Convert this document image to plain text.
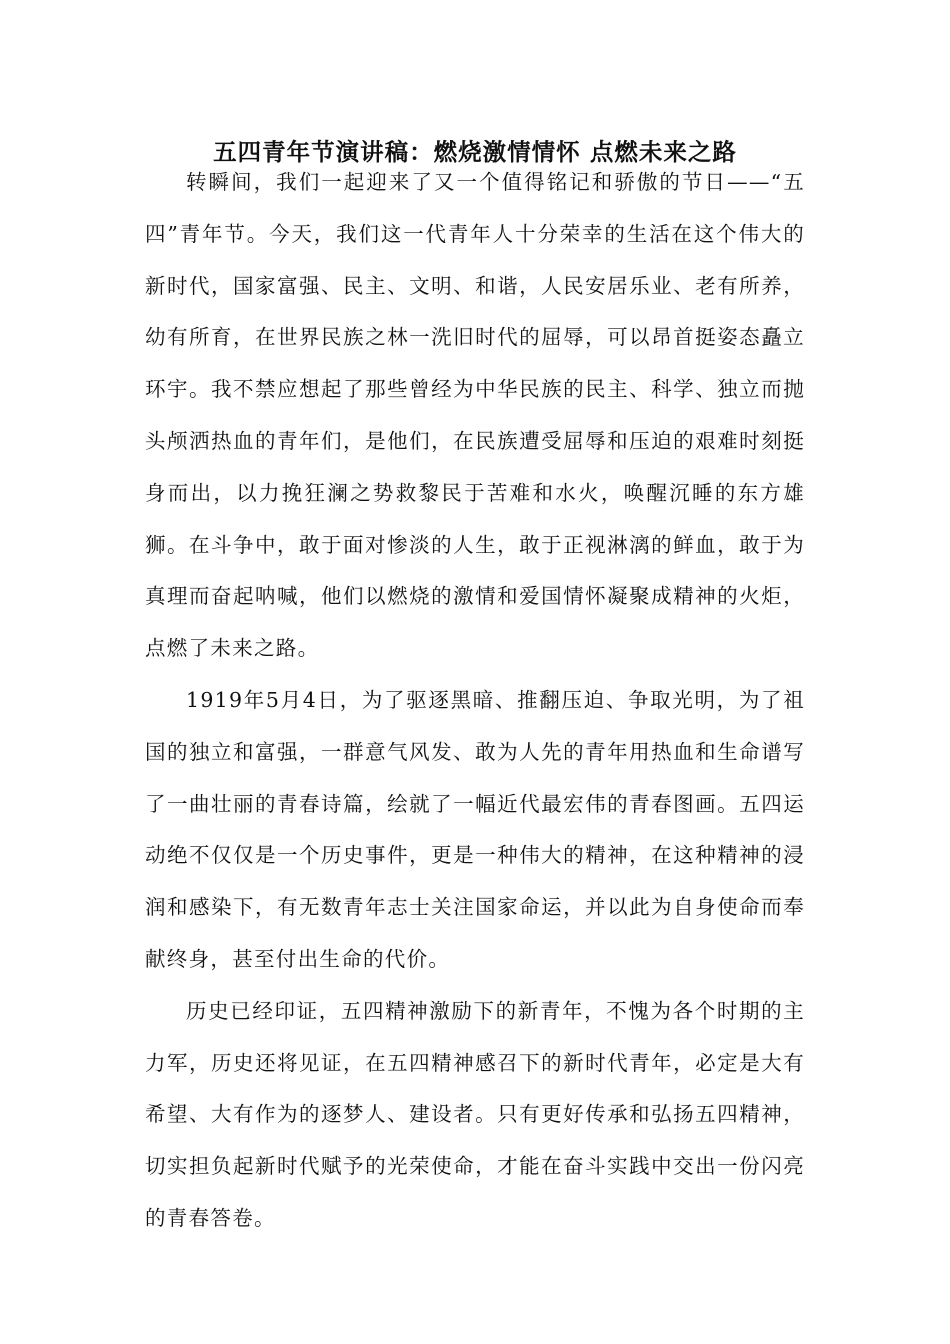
五四青年节演讲稿：燃烧激情情怀 点燃未来之路

转瞬间，我们一起迎来了又一个值得铭记和骄傲的节日——“五四”青年节。今天，我们这一代青年人十分荣幸的生活在这个伟大的新时代，国家富强、民主、文明、和谐，人民安居乐业、老有所养，幼有所育，在世界民族之林一洗旧时代的屈辱，可以昂首挺姿态矗立环宇。我不禁应想起了那些曾经为中华民族的民主、科学、独立而抛头颅洒热血的青年们，是他们，在民族遭受屈辱和压迫的艰难时刻挺身而出，以力挽狂澜之势救黎民于苦难和水火，唤醒沉睡的东方雄狮。在斗争中，敢于面对惨淡的人生，敢于正视淋漓的鲜血，敢于为真理而奋起呐喊，他们以燃烧的激情和爱国情怀凝聚成精神的火炬，点燃了未来之路。

1919年5月4日，为了驱逐黑暗、推翻压迫、争取光明，为了祖国的独立和富强，一群意气风发、敢为人先的青年用热血和生命谱写了一曲壮丽的青春诗篇，绘就了一幅近代最宏伟的青春图画。五四运动绝不仅仅是一个历史事件，更是一种伟大的精神，在这种精神的浸润和感染下，有无数青年志士关注国家命运，并以此为自身使命而奉献终身，甚至付出生命的代价。

历史已经印证，五四精神激励下的新青年，不愧为各个时期的主力军，历史还将见证，在五四精神感召下的新时代青年，必定是大有希望、大有作为的逐梦人、建设者。只有更好传承和弘扬五四精神，切实担负起新时代赋予的光荣使命，才能在奋斗实践中交出一份闪亮的青春答卷。
